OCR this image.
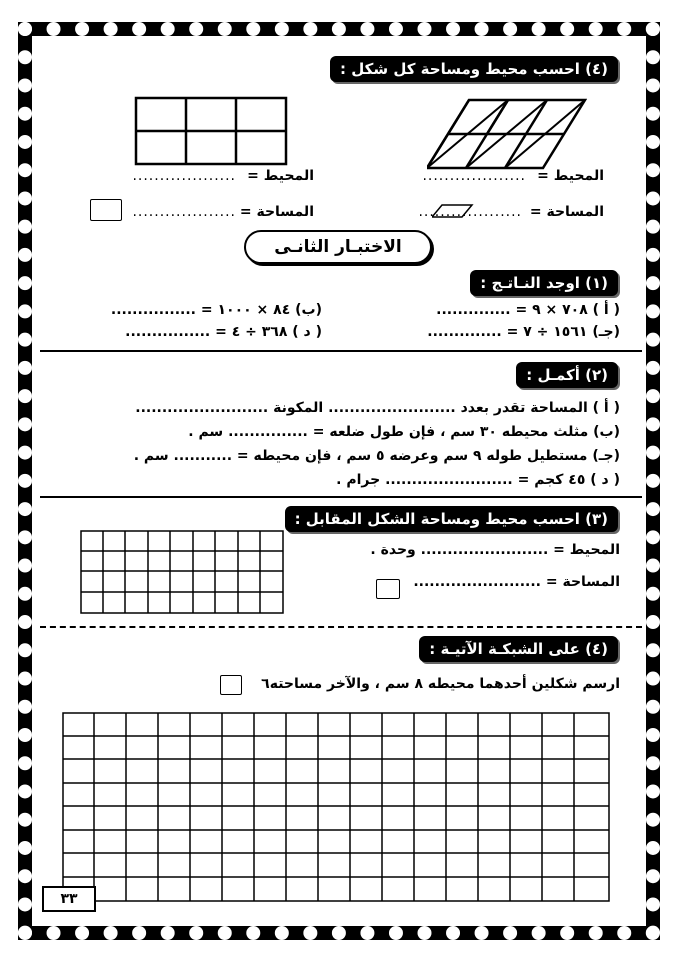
(٤) احسب محيط ومساحة كل شكل :
المحيط =
...................
المحيط =
...................
المساحة =
...................
المساحة =
...................
الاختبـار الثانـى
(١) اوجد النـاتـج :
( أ ) ٧٠٨ × ٩ = ..............
(ب) ٨٤ × ١٠٠٠ = ................
(جـ) ١٥٦١ ÷ ٧ = ..............
( د ) ٣٦٨ ÷ ٤ = ................
(٢) أكمـل :
( أ ) المساحة تقدر بعدد ........................ المكونة .........................
(ب) مثلث محيطه ٣٠ سم ، فإن طول ضلعه = ............... سم .
(جـ) مستطيل طوله ٩ سم وعرضه ٥ سم ، فإن محيطه = ........... سم .
( د ) ٤٥ كجم = ........................ جرام .
(٣) احسب محيط ومساحة الشكل المقابل :
المحيط = ........................ وحدة .
المساحة = ........................
(٤) على الشبكـة الآتيـة :
ارسم شكلين أحدهما محيطه ٨ سم ، والآخر مساحته٦
٣٣
